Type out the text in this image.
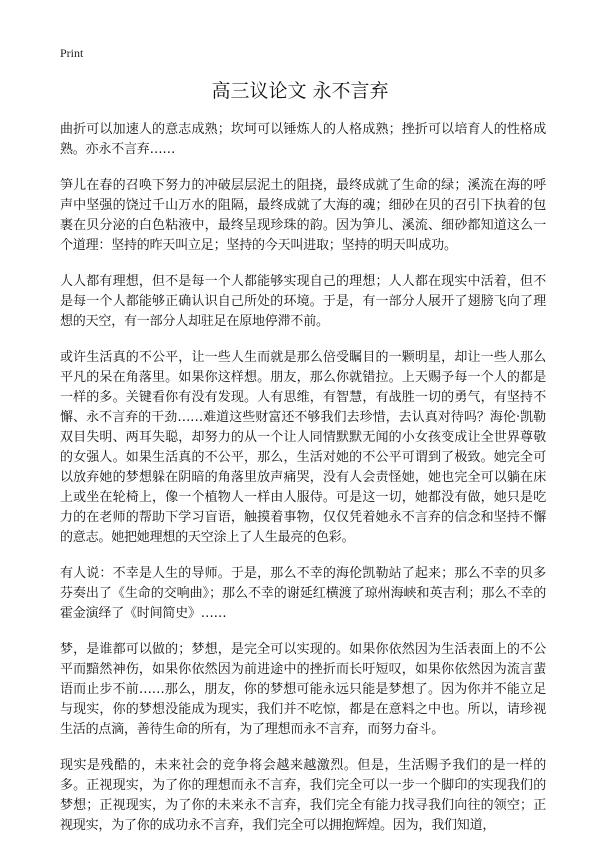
Print
高三议论文 永不言弃

曲折可以加速人的意志成熟；坎坷可以锤炼人的人格成熟；挫折可以培育人的性格成熟。亦永不言弃……

笋儿在春的召唤下努力的冲破层层泥土的阻挠，最终成就了生命的绿；溪流在海的呼声中坚强的饶过千山万水的阻隔，最终成就了大海的魂；细砂在贝的召引下执着的包裹在贝分泌的白色粘液中，最终呈现珍珠的韵。因为笋儿、溪流、细砂都知道这么一个道理：坚持的昨天叫立足；坚持的今天叫进取；坚持的明天叫成功。

人人都有理想，但不是每一个人都能够实现自己的理想；人人都在现实中活着，但不是每一个人都能够正确认识自己所处的环境。于是，有一部分人展开了翅膀飞向了理想的天空，有一部分人却驻足在原地停滞不前。

或许生活真的不公平，让一些人生而就是那么倍受瞩目的一颗明星，却让一些人那么平凡的呆在角落里。如果你这样想。朋友，那么你就错拉。上天赐予每一个人的都是一样的多。关键看你有没有发现。人有思维，有智慧，有战胜一切的勇气，有坚持不懈、永不言弃的干劲……难道这些财富还不够我们去珍惜，去认真对待吗？海伦·凯勒双目失明、两耳失聪，却努力的从一个让人同情默默无闻的小女孩变成让全世界尊敬的女强人。如果生活真的不公平，那么，生活对她的不公平可谓到了极致。她完全可以放弃她的梦想躲在阴暗的角落里放声痛哭，没有人会责怪她，她也完全可以躺在床上或坐在轮椅上，像一个植物人一样由人服侍。可是这一切，她都没有做，她只是吃力的在老师的帮助下学习盲语，触摸着事物，仅仅凭着她永不言弃的信念和坚持不懈的意志。她把她理想的天空涂上了人生最亮的色彩。

有人说：不幸是人生的导师。于是，那么不幸的海伦凯勒站了起来；那么不幸的贝多芬奏出了《生命的交响曲》；那么不幸的谢延红横渡了琼州海峡和英吉利；那么不幸的霍金演绎了《时间简史》……

梦，是谁都可以做的；梦想，是完全可以实现的。如果你依然因为生活表面上的不公平而黯然神伤，如果你依然因为前进途中的挫折而长吁短叹，如果你依然因为流言蜚语而止步不前……那么，朋友，你的梦想可能永远只能是梦想了。因为你并不能立足与现实，你的梦想没能成为现实，我们并不吃惊，都是在意料之中也。所以，请珍视生活的点滴，善待生命的所有，为了理想而永不言弃，而努力奋斗。

现实是残酷的，未来社会的竞争将会越来越激烈。但是，生活赐予我们的是一样的多。正视现实，为了你的理想而永不言弃，我们完全可以一步一个脚印的实现我们的梦想；正视现实，为了你的未来永不言弃，我们完全有能力找寻我们向往的领空；正视现实，为了你的成功永不言弃，我们完全可以拥抱辉煌。因为，我们知道，
